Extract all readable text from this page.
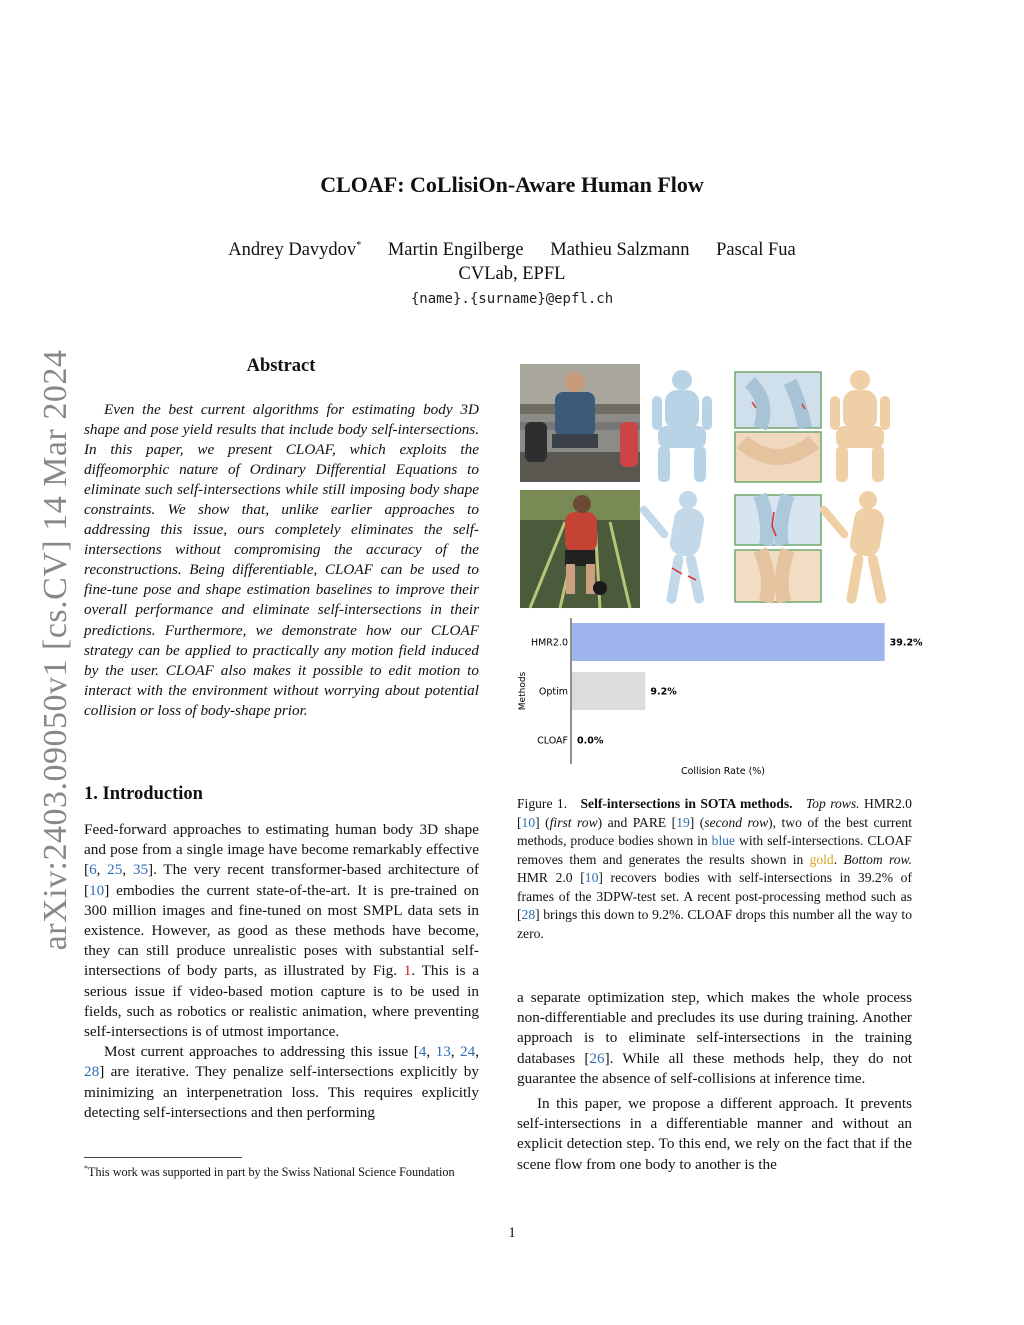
CLOAF: CoLlisiOn-Aware Human Flow
Andrey Davydov* Martin Engilberge Mathieu Salzmann Pascal Fua
CVLab, EPFL
{name}.{surname}@epfl.ch
arXiv:2403.09050v1 [cs.CV] 14 Mar 2024	Abstract

Even the best current algorithms for estimating body 3D shape and pose yield results that include body self-intersections. In this paper, we present CLOAF, which exploits the diffeomorphic nature of Ordinary Differential Equations to eliminate such self-intersections while still imposing body shape constraints. We show that, unlike earlier approaches to addressing this issue, ours completely eliminates the self-intersections without compromising the accuracy of the reconstructions. Being differentiable, CLOAF can be used to fine-tune pose and shape estimation baselines to improve their overall performance and eliminate self-intersections in their predictions. Furthermore, we demonstrate how our CLOAF strategy can be applied to practically any motion field induced by the user. CLOAF also makes it possible to edit motion to interact with the environment without worrying about potential collision or loss of body-shape prior.

1. Introduction

Feed-forward approaches to estimating human body 3D shape and pose from a single image have become remarkably effective [6, 25, 35]. The very recent transformer-based architecture of [10] embodies the current state-of-the-art. It is pre-trained on 300 million images and fine-tuned on most SMPL data sets in existence. However, as good as these methods have become, they can still produce unrealistic poses with substantial self-intersections of body parts, as illustrated by Fig. 1. This is a serious issue if video-based motion capture is to be used in fields, such as robotics or realistic animation, where preventing self-intersections is of utmost importance.

Most current approaches to addressing this issue [4, 13, 24, 28] are iterative. They penalize self-intersections explicitly by minimizing an interpenetration loss. This requires explicitly detecting self-intersections and then performing

*This work was supported in part by the Swiss National Science Foundation
HMR2.0	39.2%
Optim	9.2%
CLOAF 0.0%
Methods
Collision Rate (%)
Figure 1. Self-intersections in SOTA methods. Top rows. HMR2.0 [10] (first row) and PARE [19] (second row), two of the best current methods, produce bodies shown in blue with self-intersections. CLOAF removes them and generates the results shown in gold. Bottom row. HMR 2.0 [10] recovers bodies with self-intersections in 39.2% of frames of the 3DPW-test set. A recent post-processing method such as [28] brings this down to 9.2%. CLOAF drops this number all the way to zero.

a separate optimization step, which makes the whole process non-differentiable and precludes its use during training. Another approach is to eliminate self-intersections in the training databases [26]. While all these methods help, they do not guarantee the absence of self-collisions at inference time.

In this paper, we propose a different approach. It prevents self-intersections in a differentiable manner and without an explicit detection step. To this end, we rely on the fact that if the scene flow from one body to another is the

1
